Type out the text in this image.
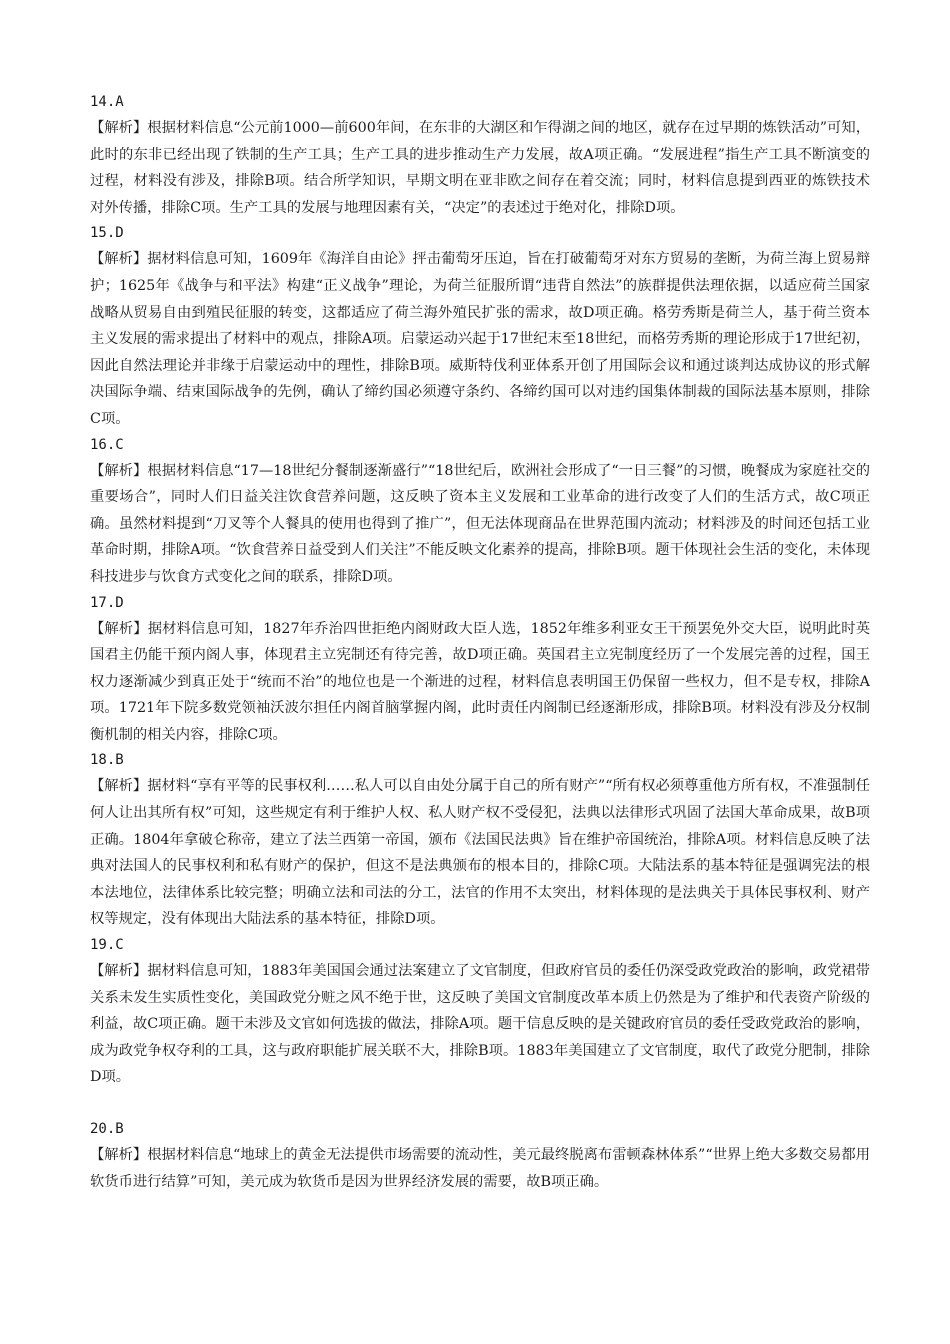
14.A

【解析】根据材料信息“公元前1000—前600年间，在东非的大湖区和乍得湖之间的地区，就存在过早期的炼铁活动”可知，此时的东非已经出现了铁制的生产工具；生产工具的进步推动生产力发展，故A项正确。“发展进程”指生产工具不断演变的过程，材料没有涉及，排除B项。结合所学知识，早期文明在亚非欧之间存在着交流；同时，材料信息提到西亚的炼铁技术对外传播，排除C项。生产工具的发展与地理因素有关，“决定”的表述过于绝对化，排除D项。

15.D

【解析】据材料信息可知，1609年《海洋自由论》抨击葡萄牙压迫，旨在打破葡萄牙对东方贸易的垄断，为荷兰海上贸易辩护；1625年《战争与和平法》构建“正义战争”理论，为荷兰征服所谓“违背自然法”的族群提供法理依据，以适应荷兰国家战略从贸易自由到殖民征服的转变，这都适应了荷兰海外殖民扩张的需求，故D项正确。格劳秀斯是荷兰人，基于荷兰资本主义发展的需求提出了材料中的观点，排除A项。启蒙运动兴起于17世纪末至18世纪，而格劳秀斯的理论形成于17世纪初，因此自然法理论并非缘于启蒙运动中的理性，排除B项。威斯特伐利亚体系开创了用国际会议和通过谈判达成协议的形式解决国际争端、结束国际战争的先例，确认了缔约国必须遵守条约、各缔约国可以对违约国集体制裁的国际法基本原则，排除C项。

16.C

【解析】根据材料信息“17—18世纪分餐制逐渐盛行”“18世纪后，欧洲社会形成了“一日三餐”的习惯，晚餐成为家庭社交的重要场合”，同时人们日益关注饮食营养问题，这反映了资本主义发展和工业革命的进行改变了人们的生活方式，故C项正确。虽然材料提到“刀叉等个人餐具的使用也得到了推广”，但无法体现商品在世界范围内流动；材料涉及的时间还包括工业革命时期，排除A项。“饮食营养日益受到人们关注”不能反映文化素养的提高，排除B项。题干体现社会生活的变化，未体现科技进步与饮食方式变化之间的联系，排除D项。

17.D

【解析】据材料信息可知，1827年乔治四世拒绝内阁财政大臣人选，1852年维多利亚女王干预罢免外交大臣，说明此时英国君主仍能干预内阁人事，体现君主立宪制还有待完善，故D项正确。英国君主立宪制度经历了一个发展完善的过程，国王权力逐渐减少到真正处于“统而不治”的地位也是一个渐进的过程，材料信息表明国王仍保留一些权力，但不是专权，排除A项。1721年下院多数党领袖沃波尔担任内阁首脑掌握内阁，此时责任内阁制已经逐渐形成，排除B项。材料没有涉及分权制衡机制的相关内容，排除C项。

18.B

【解析】据材料“享有平等的民事权利……私人可以自由处分属于自己的所有财产”“所有权必须尊重他方所有权，不准强制任何人让出其所有权”可知，这些规定有利于维护人权、私人财产权不受侵犯，法典以法律形式巩固了法国大革命成果，故B项正确。1804年拿破仑称帝，建立了法兰西第一帝国，颁布《法国民法典》旨在维护帝国统治，排除A项。材料信息反映了法典对法国人的民事权利和私有财产的保护，但这不是法典颁布的根本目的，排除C项。大陆法系的基本特征是强调宪法的根本法地位，法律体系比较完整；明确立法和司法的分工，法官的作用不太突出，材料体现的是法典关于具体民事权利、财产权等规定，没有体现出大陆法系的基本特征，排除D项。

19.C

【解析】据材料信息可知，1883年美国国会通过法案建立了文官制度，但政府官员的委任仍深受政党政治的影响，政党裙带关系未发生实质性变化，美国政党分赃之风不绝于世，这反映了美国文官制度改革本质上仍然是为了维护和代表资产阶级的利益，故C项正确。题干未涉及文官如何选拔的做法，排除A项。题干信息反映的是关键政府官员的委任受政党政治的影响，成为政党争权夺利的工具，这与政府职能扩展关联不大，排除B项。1883年美国建立了文官制度，取代了政党分肥制，排除D项。

20.B

【解析】根据材料信息“地球上的黄金无法提供市场需要的流动性，美元最终脱离布雷顿森林体系”“世界上绝大多数交易都用软货币进行结算”可知，美元成为软货币是因为世界经济发展的需要，故B项正确。
